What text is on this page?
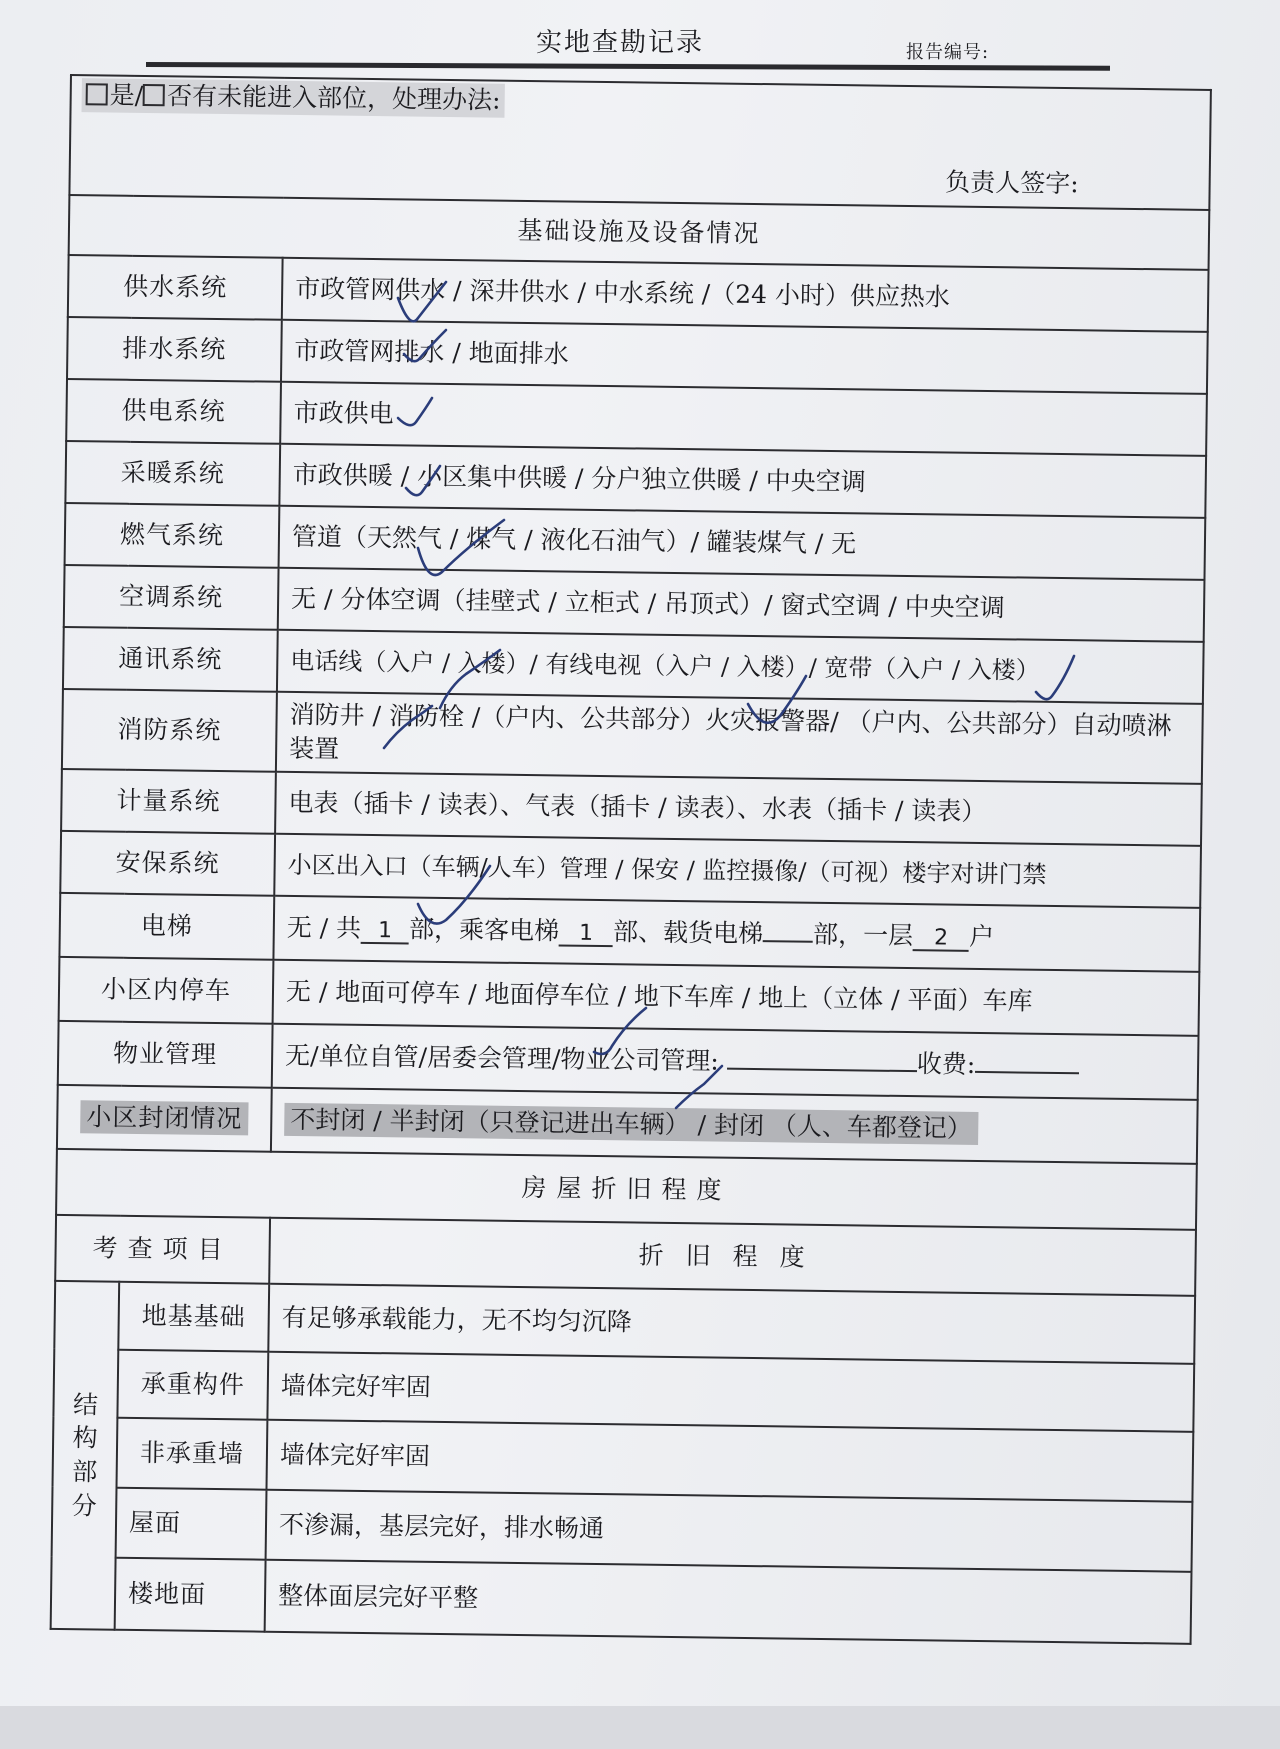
实地查勘记录	报告编号:
是/ 否有未能进入部位，处理办法:
负责人签字:		

基础设施及设备情况		
供水系统		市政管网供水 / 深井供水 / 中水系统 /（24 小时）供应热水
排水系统		市政管网排水 / 地面排水
供电系统		市政供电
采暖系统		市政供暖 / 小区集中供暖 / 分户独立供暖 / 中央空调
燃气系统		管道（天然气 / 煤气 / 液化石油气）/ 罐装煤气 / 无
空调系统		无 / 分体空调（挂壁式 / 立柜式 / 吊顶式）/ 窗式空调 / 中央空调
通讯系统		电话线（入户 / 入楼）/ 有线电视（入户 / 入楼）/ 宽带（入户 / 入楼）
消防系统		消防井 / 消防栓 /（户内、公共部分）火灾报警器/ （户内、公共部分）自动喷淋装置
计量系统		电表（插卡 / 读表）、气表（插卡 / 读表）、水表（插卡 / 读表）
安保系统		小区出入口（车辆/人车）管理 / 保安 / 监控摄像/（可视）楼宇对讲门禁
电梯		无 / 共 1 部，乘客电梯 1 部、载货电梯 部，一层 2 户
小区内停车		无 / 地面可停车 / 地面停车位 / 地下车库 / 地上（立体 / 平面）车库
物业管理		无/单位自管/居委会管理/物业公司管理: 收费:
小区封闭情况		不封闭 / 半封闭（只登记进出车辆） / 封闭 （人、车都登记）
房屋折旧程度		
考查项目		折旧程度
结构部分	地基基础	有足够承载能力，无不均匀沉降
	承重构件	墙体完好牢固
	非承重墙	墙体完好牢固
	屋面	不渗漏，基层完好，排水畅通
	楼地面	整体面层完好平整
